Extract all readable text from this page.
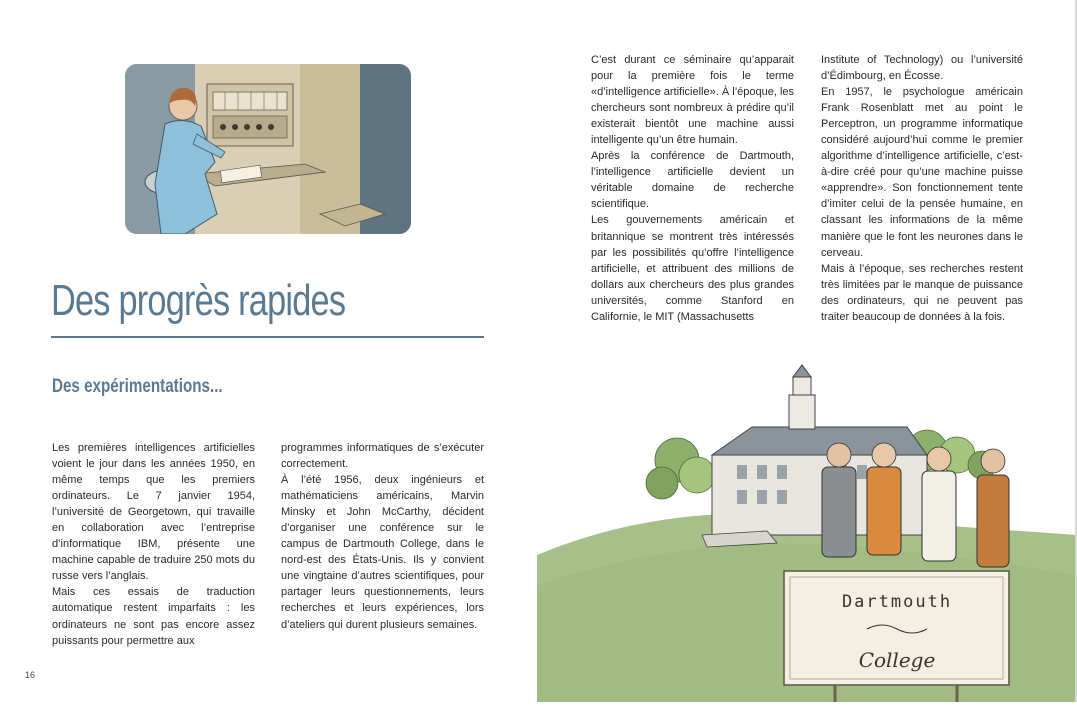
Des progrès rapides
Des expérimentations...

Les premières intelligences artificielles voient le jour dans les années 1950, en même temps que les premiers ordinateurs. Le 7 janvier 1954, l’université de Georgetown, qui travaille en collaboration avec l’entreprise d’informatique IBM, présente une machine capable de traduire 250 mots du russe vers l’anglais.

Mais ces essais de traduction automatique restent imparfaits : les ordinateurs ne sont pas encore assez puissants pour permettre aux

programmes informatiques de s’exécuter correctement.

À l’été 1956, deux ingénieurs et mathématiciens américains, Marvin Minsky et John McCarthy, décident d’organiser une conférence sur le campus de Dartmouth College, dans le nord-est des États-Unis. Ils y convient une vingtaine d’autres scientifiques, pour partager leurs questionnements, leurs recherches et leurs expériences, lors d’ateliers qui durent plusieurs semaines.

16

C’est durant ce séminaire qu’apparait pour la première fois le terme «d’intelligence artificielle». À l’époque, les chercheurs sont nombreux à prédire qu’il existerait bientôt une machine aussi intelligente qu’un être humain.

Après la conférence de Dartmouth, l’intelligence artificielle devient un véritable domaine de recherche scientifique.

Les gouvernements américain et britannique se montrent très intéressés par les possibilités qu’offre l’intelligence artificielle, et attribuent des millions de dollars aux chercheurs des plus grandes universités, comme Stanford en Californie, le MIT (Massachusetts

Institute of Technology) ou l’université d’Édimbourg, en Écosse.

En 1957, le psychologue américain Frank Rosenblatt met au point le Perceptron, un programme informatique considéré aujourd’hui comme le premier algorithme d’intelligence artificielle, c’est-à-dire créé pour qu’une machine puisse «apprendre». Son fonctionnement tente d’imiter celui de la pensée humaine, en classant les informations de la même manière que le font les neurones dans le cerveau.

Mais à l’époque, ses recherches restent très limitées par le manque de puissance des ordinateurs, qui ne peuvent pas traiter beaucoup de données à la fois.

Dartmouth
College
